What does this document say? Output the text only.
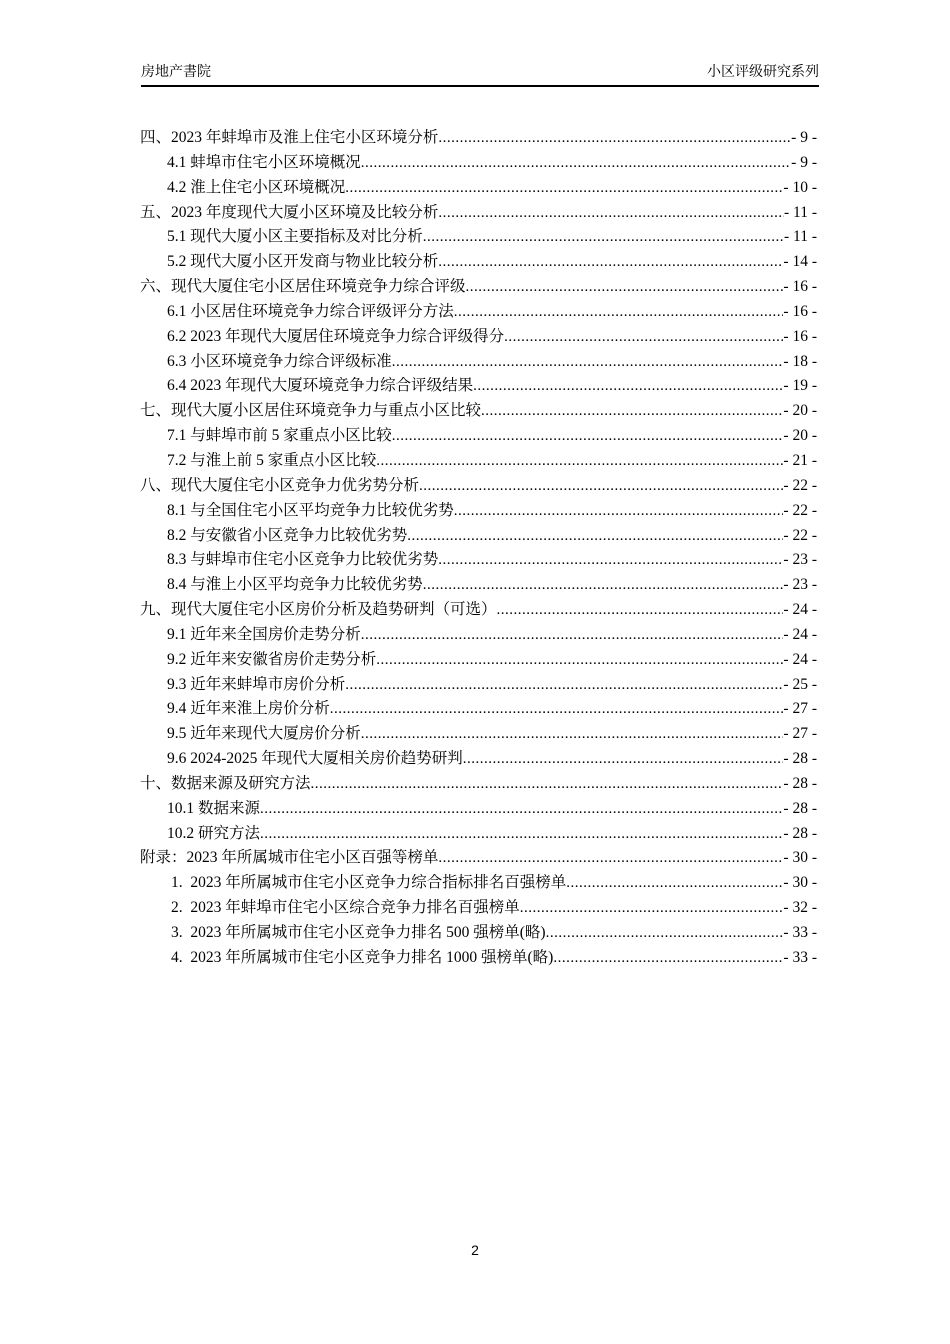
房地产書院	小区评级研究系列
四、2023 年蚌埠市及淮上住宅小区环境分析 .....	- 9 -
4.1 蚌埠市住宅小区环境概况 .....	- 9 -
4.2 淮上住宅小区环境概况 .....	- 10 -
五、2023 年度现代大厦小区环境及比较分析 .....	- 11 -
5.1 现代大厦小区主要指标及对比分析 .....	- 11 -
5.2 现代大厦小区开发商与物业比较分析 .....	- 14 -
六、现代大厦住宅小区居住环境竞争力综合评级 .....	- 16 -
6.1 小区居住环境竞争力综合评级评分方法 .....	- 16 -
6.2 2023 年现代大厦居住环境竞争力综合评级得分 .....	- 16 -
6.3 小区环境竞争力综合评级标准 .....	- 18 -
6.4 2023 年现代大厦环境竞争力综合评级结果 .....	- 19 -
七、现代大厦小区居住环境竞争力与重点小区比较 .....	- 20 -
7.1 与蚌埠市前 5 家重点小区比较 .....	- 20 -
7.2 与淮上前 5 家重点小区比较 .....	- 21 -
八、现代大厦住宅小区竞争力优劣势分析 .....	- 22 -
8.1 与全国住宅小区平均竞争力比较优劣势 .....	- 22 -
8.2 与安徽省小区竞争力比较优劣势 .....	- 22 -
8.3 与蚌埠市住宅小区竞争力比较优劣势 .....	- 23 -
8.4 与淮上小区平均竞争力比较优劣势 .....	- 23 -
九、现代大厦住宅小区房价分析及趋势研判（可选） .....	- 24 -
9.1 近年来全国房价走势分析 .....	- 24 -
9.2 近年来安徽省房价走势分析 .....	- 24 -
9.3 近年来蚌埠市房价分析 .....	- 25 -
9.4 近年来淮上房价分析 .....	- 27 -
9.5 近年来现代大厦房价分析 .....	- 27 -
9.6 2024-2025 年现代大厦相关房价趋势研判 .....	- 28 -
十、数据来源及研究方法 .....	- 28 -
10.1 数据来源 .....	- 28 -
10.2 研究方法 .....	- 28 -
附录：2023 年所属城市住宅小区百强等榜单 .....	- 30 -
1.  2023 年所属城市住宅小区竞争力综合指标排名百强榜单 .....	- 30 -
2.  2023 年蚌埠市住宅小区综合竞争力排名百强榜单 .....	- 32 -
3.  2023 年所属城市住宅小区竞争力排名 500 强榜单(略) .....	- 33 -
4.  2023 年所属城市住宅小区竞争力排名 1000 强榜单(略) .....	- 33 -
2
